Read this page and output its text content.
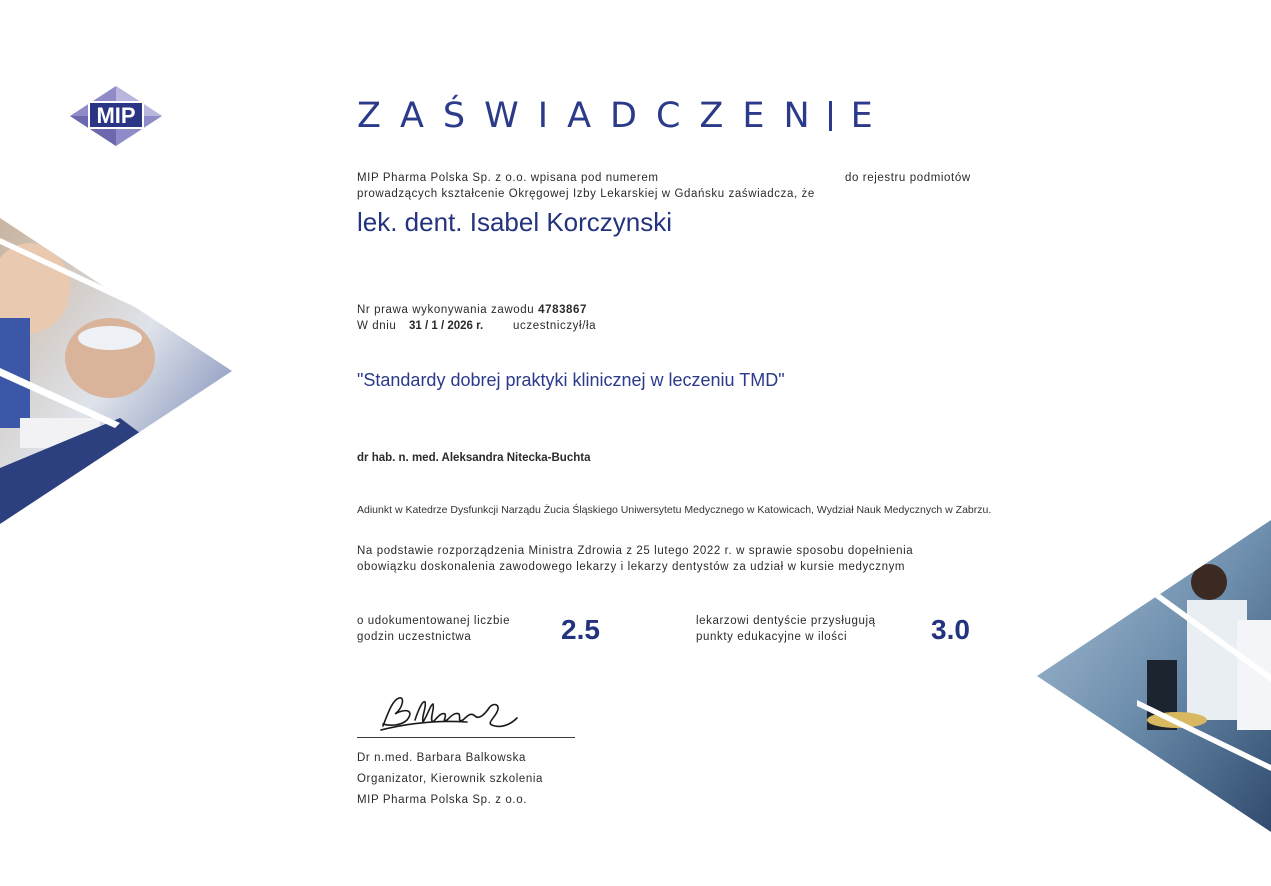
MIP	ZAŚWIADCZEN E
MIP Pharma Polska Sp. z o.o. wpisana pod numerem	do rejestru podmiotów
prowadzących kształcenie Okręgowej Izby Lekarskiej w Gdańsku zaświadcza, że
lek. dent. Isabel Korczynski
Nr prawa wykonywania zawodu 4783867
W dniu 31 / 1 / 2026 r.	uczestniczył/ła
"Standardy dobrej praktyki klinicznej w leczeniu TMD"
dr hab. n. med. Aleksandra Nitecka-Buchta
Adiunkt w Katedrze Dysfunkcji Narządu Żucia Śląskiego Uniwersytetu Medycznego w Katowicach, Wydział Nauk Medycznych w Zabrzu.
Na podstawie rozporządzenia Ministra Zdrowia z 25 lutego 2022 r. w sprawie sposobu dopełnienia
obowiązku doskonalenia zawodowego lekarzy i lekarzy dentystów za udział w kursie medycznym
o udokumentowanej liczbie
godzin uczestnictwa	2.5	lekarzowi dentyście przysługują
punkty edukacyjne w ilości	3.0
Dr n.med. Barbara Balkowska
Organizator, Kierownik szkolenia
MIP Pharma Polska Sp. z o.o.
